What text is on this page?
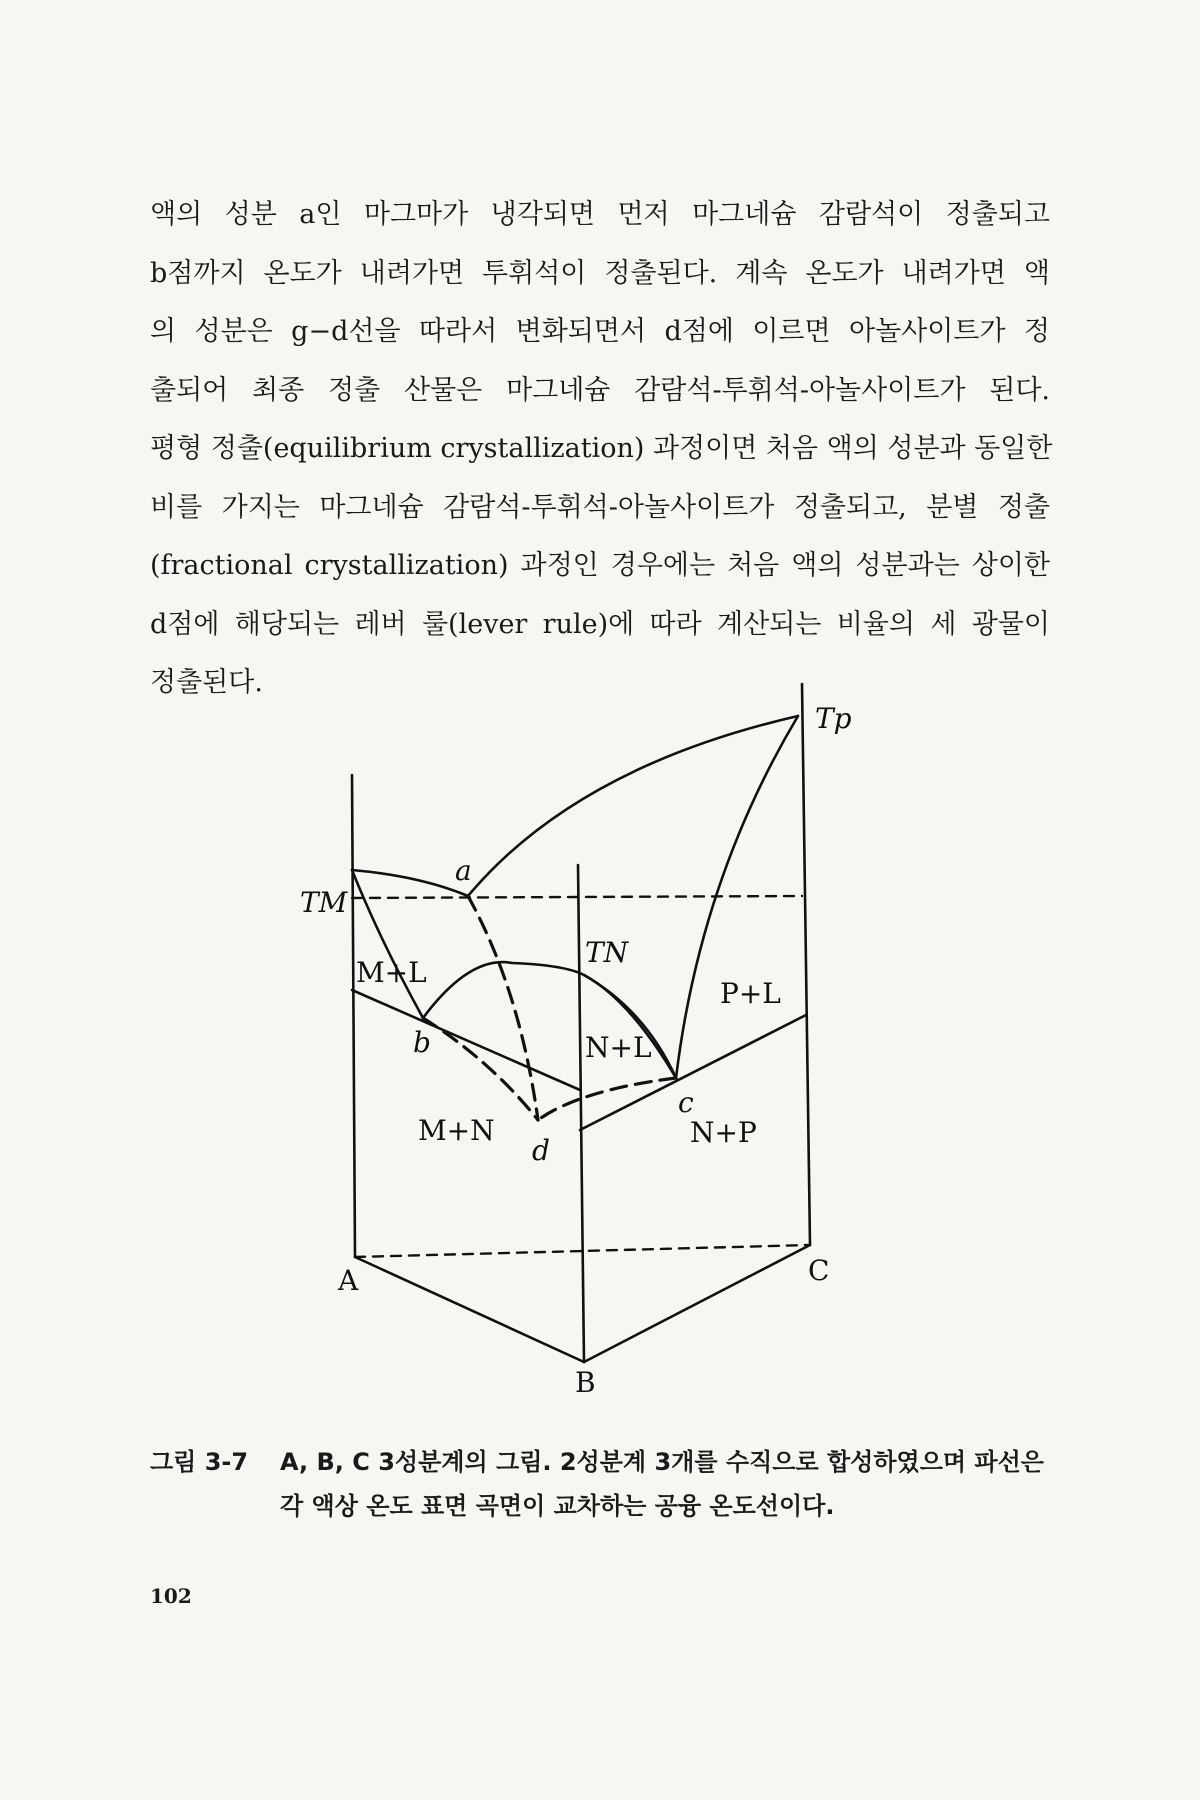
액의 성분 a인 마그마가 냉각되면 먼저 마그네슘 감람석이 정출되고
b점까지 온도가 내려가면 투휘석이 정출된다. 계속 온도가 내려가면 액
의 성분은 g−d선을 따라서 변화되면서 d점에 이르면 아놀사이트가 정
출되어 최종 정출 산물은 마그네슘 감람석-투휘석-아놀사이트가 된다.
평형 정출(equilibrium crystallization) 과정이면 처음 액의 성분과 동일한
비를 가지는 마그네슘 감람석-투휘석-아놀사이트가 정출되고, 분별 정출
(fractional crystallization) 과정인 경우에는 처음 액의 성분과는 상이한
d점에 해당되는 레버 룰(lever rule)에 따라 계산되는 비율의 세 광물이
정출된다.

Tp
TM
TN
a
b
c
d
M+L
N+L
P+L
M+N	N+P
A
B
C
그림 3-7 A, B, C 3성분계의 그림. 2성분계 3개를 수직으로 합성하였으며 파선은
각 액상 온도 표면 곡면이 교차하는 공융 온도선이다.
102
